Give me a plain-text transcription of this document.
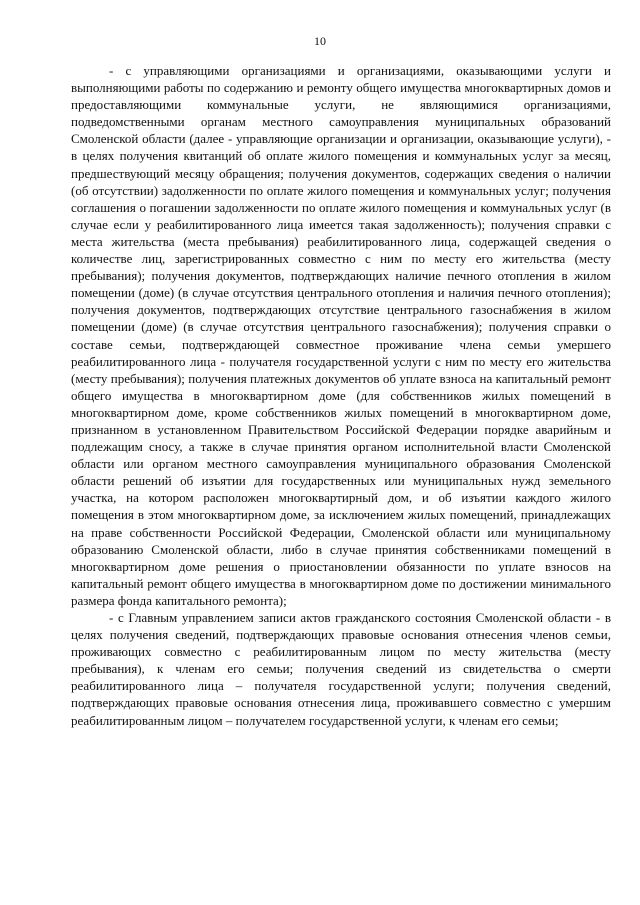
10

- с управляющими организациями и организациями, оказывающими услуги и выполняющими работы по содержанию и ремонту общего имущества многоквартирных домов и предоставляющими коммунальные услуги, не являющимися организациями, подведомственными органам местного самоуправления муниципальных образований Смоленской области (далее - управляющие организации и организации, оказывающие услуги), - в целях получения квитанций об оплате жилого помещения и коммунальных услуг за месяц, предшествующий месяцу обращения; получения документов, содержащих сведения о наличии (об отсутствии) задолженности по оплате жилого помещения и коммунальных услуг; получения соглашения о погашении задолженности по оплате жилого помещения и коммунальных услуг (в случае если у реабилитированного лица имеется такая задолженность); получения справки с места жительства (места пребывания) реабилитированного лица, содержащей сведения о количестве лиц, зарегистрированных совместно с ним по месту его жительства (месту пребывания); получения документов, подтверждающих наличие печного отопления в жилом помещении (доме) (в случае отсутствия центрального отопления и наличия печного отопления); получения документов, подтверждающих отсутствие центрального газоснабжения в жилом помещении (доме) (в случае отсутствия центрального газоснабжения); получения справки о составе семьи, подтверждающей совместное проживание члена семьи умершего реабилитированного лица - получателя государственной услуги с ним по месту его жительства (месту пребывания); получения платежных документов об уплате взноса на капитальный ремонт общего имущества в многоквартирном доме (для собственников жилых помещений в многоквартирном доме, кроме собственников жилых помещений в многоквартирном доме, признанном в установленном Правительством Российской Федерации порядке аварийным и подлежащим сносу, а также в случае принятия органом исполнительной власти Смоленской области или органом местного самоуправления муниципального образования Смоленской области решений об изъятии для государственных или муниципальных нужд земельного участка, на котором расположен многоквартирный дом, и об изъятии каждого жилого помещения в этом многоквартирном доме, за исключением жилых помещений, принадлежащих на праве собственности Российской Федерации, Смоленской области или муниципальному образованию Смоленской области, либо в случае принятия собственниками помещений в многоквартирном доме решения о приостановлении обязанности по уплате взносов на капитальный ремонт общего имущества в многоквартирном доме по достижении минимального размера фонда капитального ремонта);

- с Главным управлением записи актов гражданского состояния Смоленской области - в целях получения сведений, подтверждающих правовые основания отнесения членов семьи, проживающих совместно с реабилитированным лицом по месту жительства (месту пребывания), к членам его семьи; получения сведений из свидетельства о смерти реабилитированного лица – получателя государственной услуги; получения сведений, подтверждающих правовые основания отнесения лица, проживавшего совместно с умершим реабилитированным лицом – получателем государственной услуги, к членам его семьи;
